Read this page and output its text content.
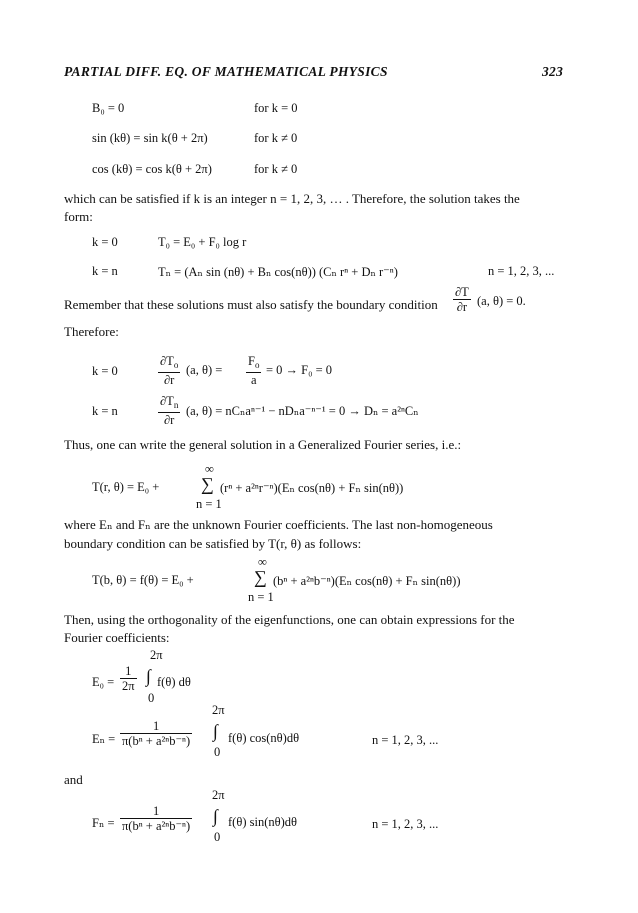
PARTIAL DIFF. EQ. OF MATHEMATICAL PHYSICS	323
B₀ = 0	for k = 0
sin (kθ) = sin k(θ + 2π)	for k ≠ 0
cos (kθ) = cos k(θ + 2π)	for k ≠ 0
which can be satisfied if k is an integer n = 1, 2, 3, … . Therefore, the solution takes the
form:
k = 0	T₀ = E₀ + F₀ log r
k = n	Tₙ = (Aₙ sin (nθ) + Bₙ cos(nθ)) (Cₙ rⁿ + Dₙ r⁻ⁿ)	n = 1, 2, 3, ...
Remember that these solutions must also satisfy the boundary condition $\frac{\partial T}{\partial r} (a$, θ) = 0.
Therefore:
k = 0	$\frac{\partial T_o}{\partial r} (a$, $\theta) = \frac{F_o}{a} = 0 \to F_0 = 0$
k = n	$\frac{\partial T_n}{\partial r} (a$, θ) = nCₙaⁿ⁻¹ − nDₙa⁻ⁿ⁻¹ = 0 → Dₙ = a²ⁿCₙ
Thus, one can write the general solution in a Generalized Fourier series, i.e.:
T(r, θ) = E₀ +
∞
∑
n = 1
(rⁿ + a²ⁿr⁻ⁿ)(Eₙ cos(nθ) + Fₙ sin(nθ))
where Eₙ and Fₙ are the unknown Fourier coefficients. The last non-homogeneous
boundary condition can be satisfied by T(r, θ) as follows:
T(b, θ) = f(θ) = E₀ +
∞
∑
n = 1
(bⁿ + a²ⁿb⁻ⁿ)(Eₙ cos(nθ) + Fₙ sin(nθ))
Then, using the orthogonality of the eigenfunctions, one can obtain expressions for the
Fourier coefficients:
2π
$E_0 = \frac{1}{2\pi}$ ∫ f(θ) dθ
0
2π
$E_n = \frac{1}{\text{π(bⁿ + a²ⁿb⁻ⁿ)}}$ ∫ f(θ) cos(nθ)dθ
0
n = 1, 2, 3, ...
and
2π
$F_n = \frac{1}{\text{π(bⁿ + a²ⁿb⁻ⁿ)}}$ ∫ f(θ) sin(nθ)dθ
0
n = 1, 2, 3, ...
